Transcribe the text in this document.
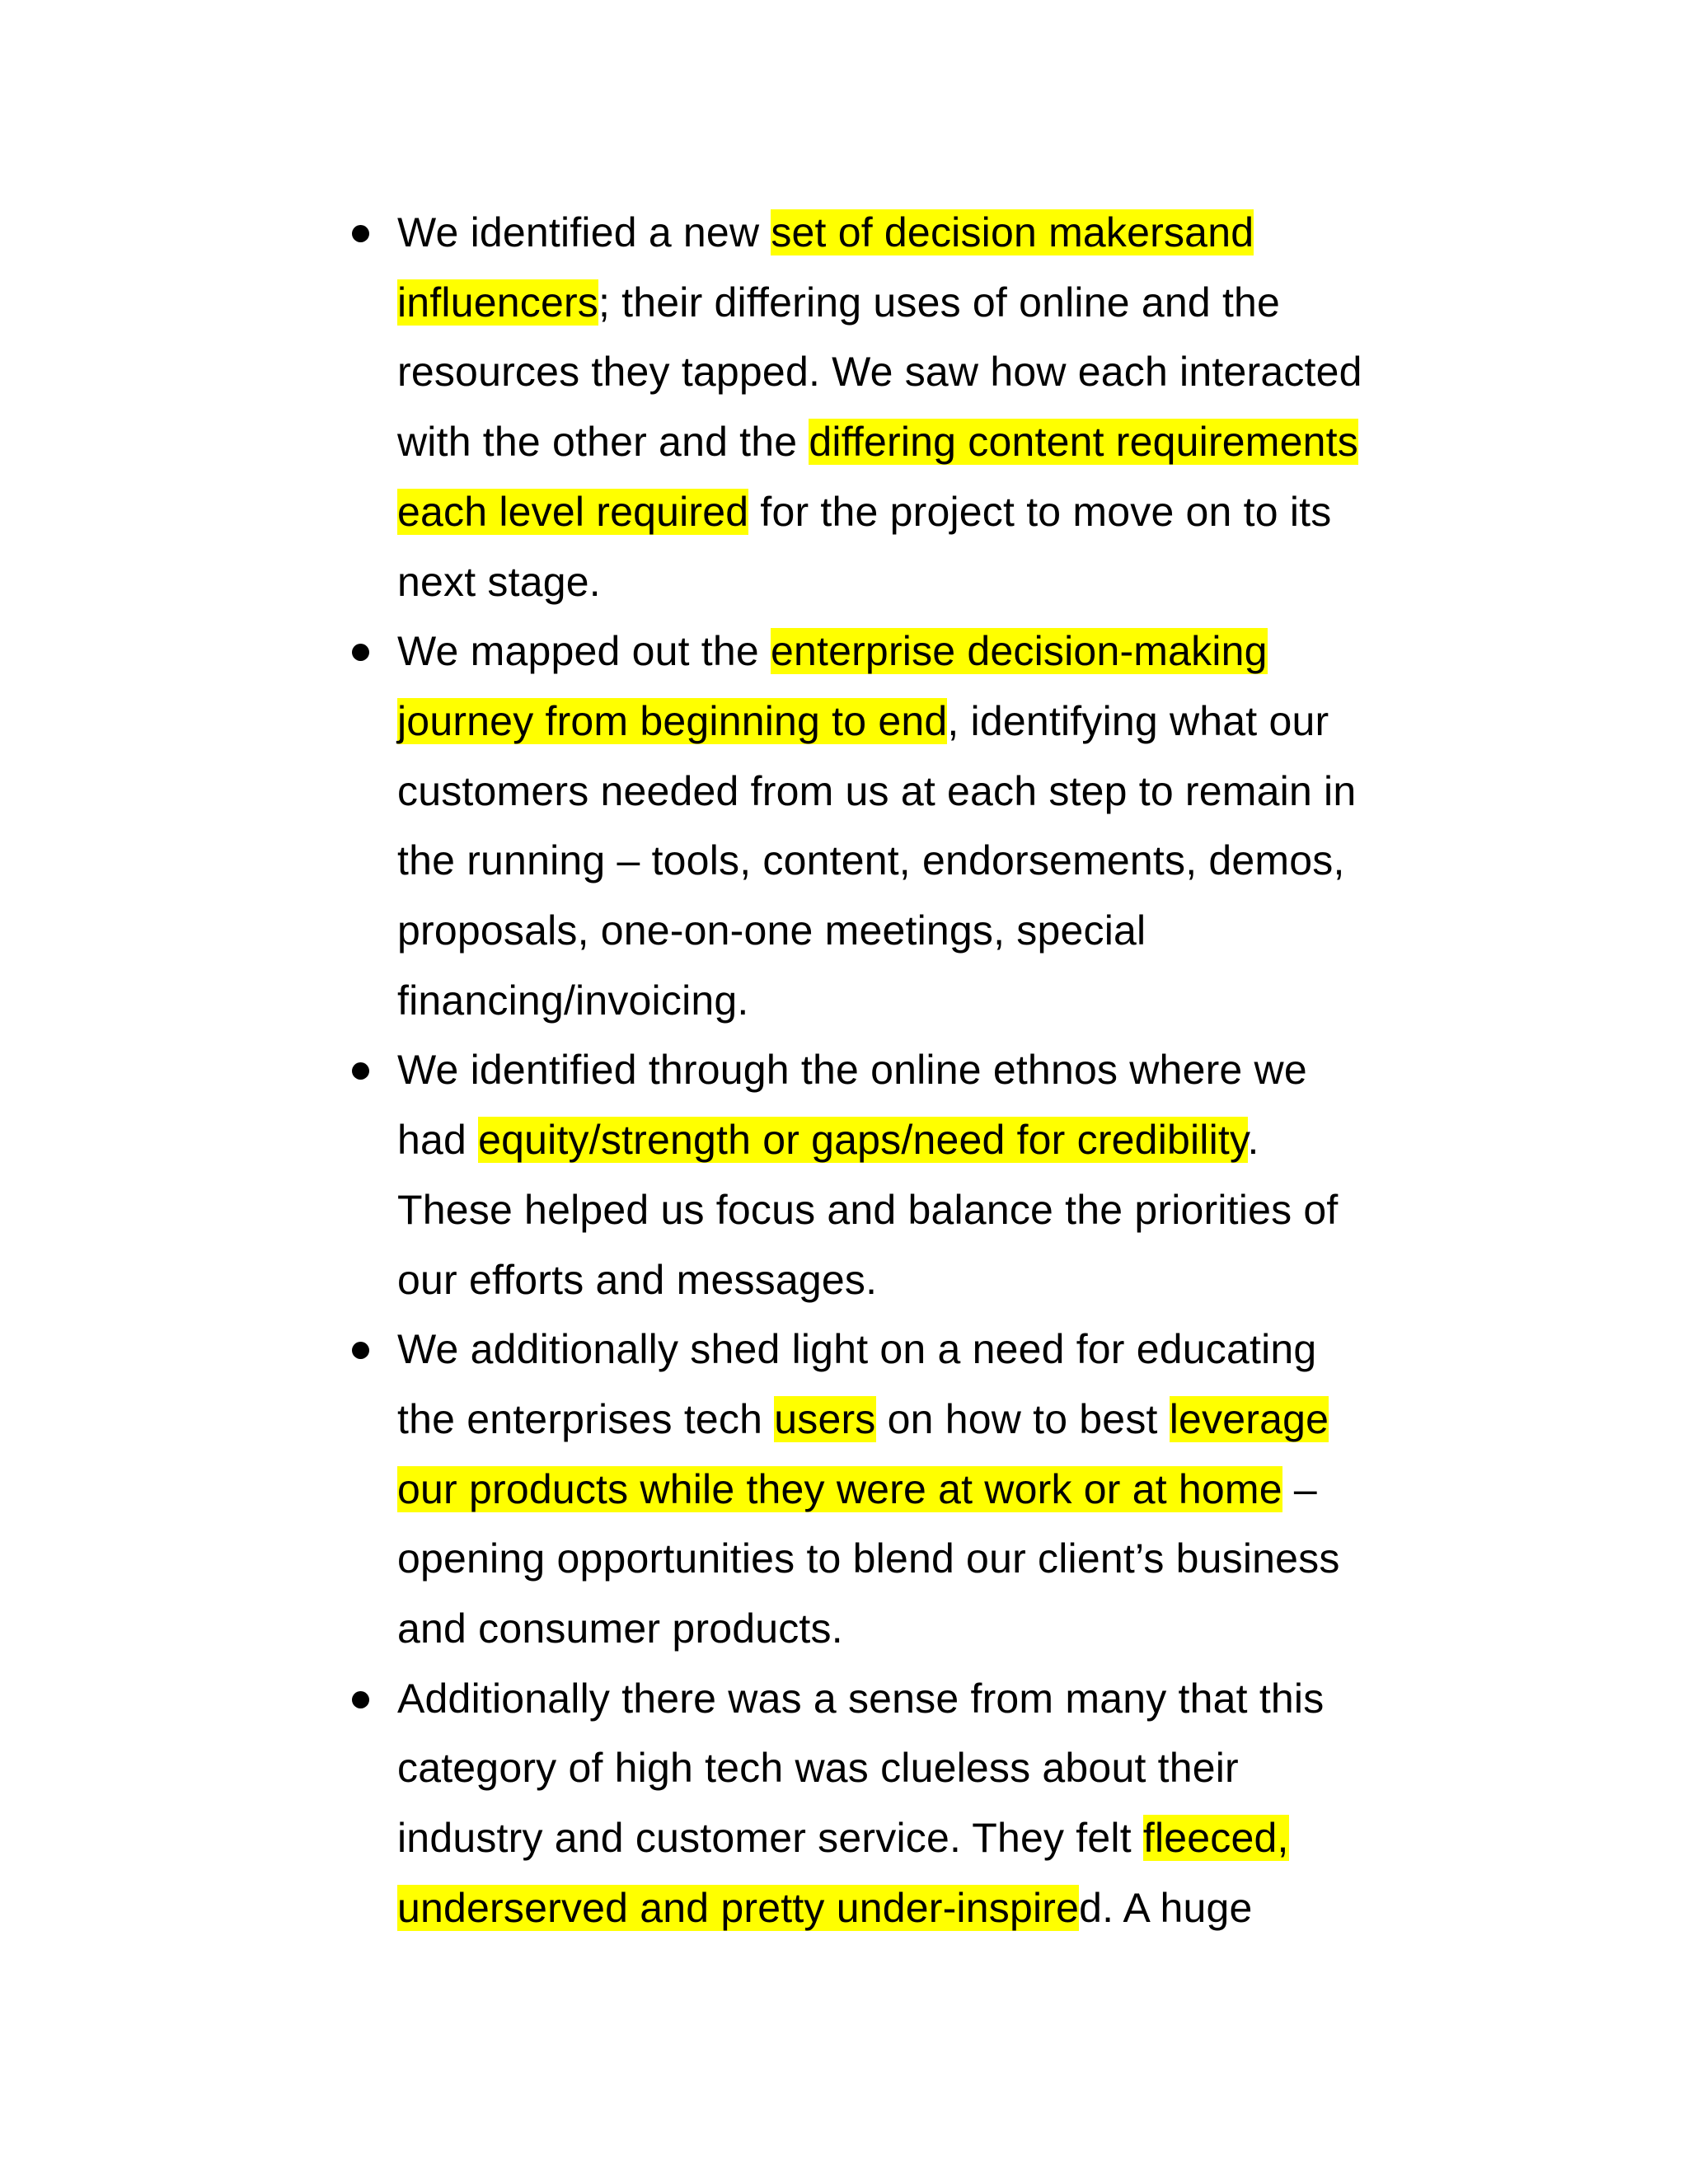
We identified a new set of decision makersand
influencers; their differing uses of online and the
resources they tapped. We saw how each interacted
with the other and the differing content requirements
each level required for the project to move on to its
next stage.
We mapped out the enterprise decision-making
journey from beginning to end, identifying what our
customers needed from us at each step to remain in
the running – tools, content, endorsements, demos,
proposals, one-on-one meetings, special
financing/invoicing.
We identified through the online ethnos where we
had equity/strength or gaps/need for credibility.
These helped us focus and balance the priorities of
our efforts and messages.
We additionally shed light on a need for educating
the enterprises tech users on how to best leverage
our products while they were at work or at home –
opening opportunities to blend our client’s business
and consumer products.
Additionally there was a sense from many that this
category of high tech was clueless about their
industry and customer service. They felt fleeced,
underserved and pretty under-inspired. A huge
